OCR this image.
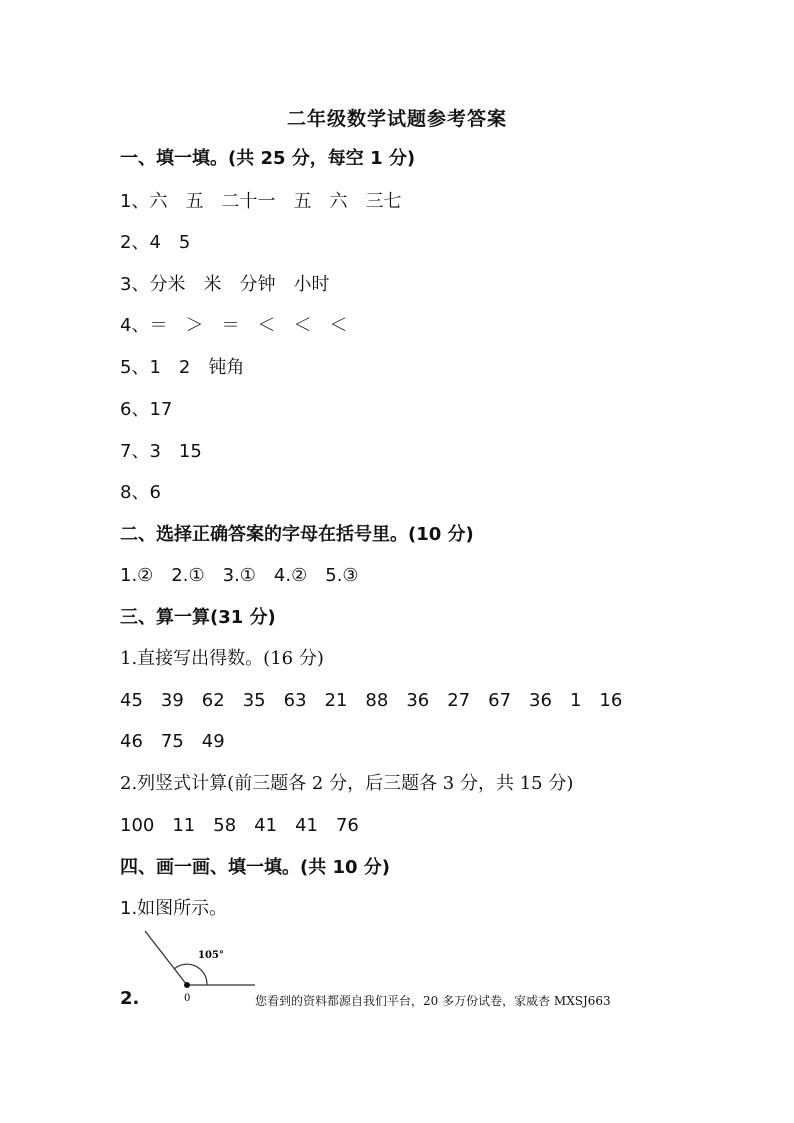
二年级数学试题参考答案
一、填一填。(共 25 分，每空 1 分)
1、六　五　二十一　五　六　三七
2、4　5
3、分米　米　分钟　小时
4、＝　＞　＝　＜　＜　＜
5、1　2　钝角
6、17
7、3　15
8、6
二、选择正确答案的字母在括号里。(10 分)
1.②　2.①　3.①　4.②　5.③
三、算一算(31 分)
1.直接写出得数。(16 分)
45　39　62　35　63　21　88　36　27　67　36　1　16
46　75　49
2.列竖式计算(前三题各 2 分，后三题各 3 分，共 15 分)
100　11　58　41　41　76
四、画一画、填一填。(共 10 分)
1.如图所示。
2.
105°
0	您看到的资料都源自我们平台，20 多万份试卷，家威杏 MXSJ663
